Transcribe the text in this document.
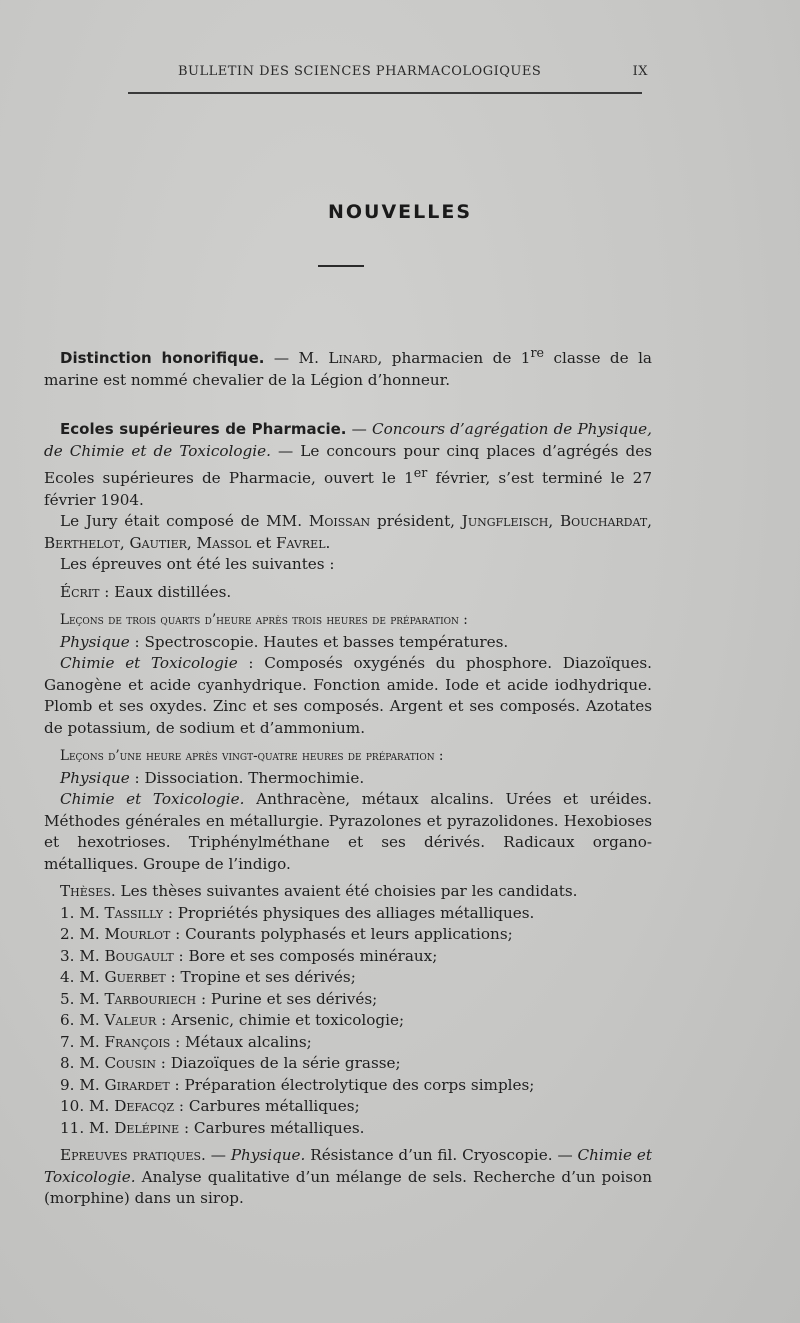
BULLETIN DES SCIENCES PHARMACOLOGIQUES	IX
NOUVELLES

Distinction honorifique. — M. Linard, pharmacien de 1re classe de la marine est nommé chevalier de la Légion d’honneur.

Ecoles supérieures de Pharmacie. — Concours d’agrégation de Physique, de Chimie et de Toxicologie. — Le concours pour cinq places d’agrégés des Ecoles supérieures de Pharmacie, ouvert le 1er février, s’est terminé le 27 février 1904.

Le Jury était composé de MM. Moissan président, Jungfleisch, Bouchardat, Berthelot, Gautier, Massol et Favrel.

Les épreuves ont été les suivantes :

Écrit : Eaux distillées.

Leçons de trois quarts d’heure après trois heures de préparation :

Physique : Spectroscopie. Hautes et basses températures.

Chimie et Toxicologie : Composés oxygénés du phosphore. Diazoïques. Ganogène et acide cyanhydrique. Fonction amide. Iode et acide iodhydrique. Plomb et ses oxydes. Zinc et ses composés. Argent et ses composés. Azotates de potassium, de sodium et d’ammonium.

Leçons d’une heure après vingt-quatre heures de préparation :

Physique : Dissociation. Thermochimie.

Chimie et Toxicologie. Anthracène, métaux alcalins. Urées et uréides. Méthodes générales en métallurgie. Pyrazolones et pyrazolidones. Hexobioses et hexotrioses. Triphénylméthane et ses dérivés. Radicaux organo-métalliques. Groupe de l’indigo.

Thèses. Les thèses suivantes avaient été choisies par les candidats.

1. M. Tassilly : Propriétés physiques des alliages métalliques.
2. M. Mourlot : Courants polyphasés et leurs applications;
3. M. Bougault : Bore et ses composés minéraux;
4. M. Guerbet : Tropine et ses dérivés;
5. M. Tarbouriech : Purine et ses dérivés;
6. M. Valeur : Arsenic, chimie et toxicologie;
7. M. François : Métaux alcalins;
8. M. Cousin : Diazoïques de la série grasse;
9. M. Girardet : Préparation électrolytique des corps simples;
10. M. Defacqz : Carbures métalliques;
11. M. Delépine : Carbures métalliques.

Epreuves pratiques. — Physique. Résistance d’un fil. Cryoscopie. — Chimie et Toxicologie. Analyse qualitative d’un mélange de sels. Recherche d’un poison (morphine) dans un sirop.
